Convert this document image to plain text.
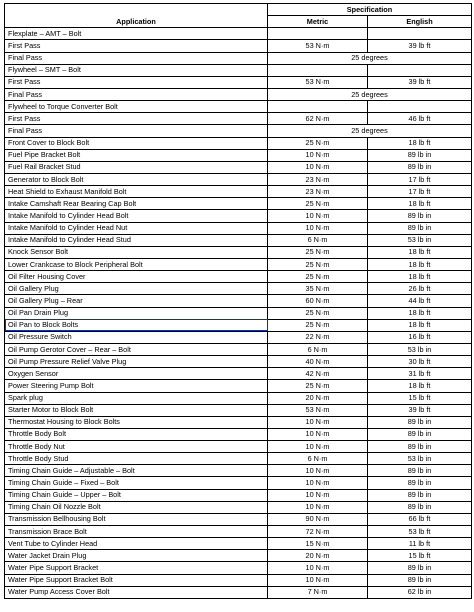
Application	Specification	
	Metric	English
Flexplate – AMT – Bolt		
First Pass	53 N·m	39 lb ft
Final Pass	25 degrees	
Flywheel – SMT – Bolt		
First Pass	53 N·m	39 lb ft
Final Pass	25 degrees	
Flywheel to Torque Converter Bolt		
First Pass	62 N·m	46 lb ft
Final Pass	25 degrees	
Front Cover to Block Bolt	25 N·m	18 lb ft
Fuel Pipe Bracket Bolt	10 N·m	89 lb in
Fuel Rail Bracket Stud	10 N·m	89 lb in
Generator to Block Bolt	23 N·m	17 lb ft
Heat Shield to Exhaust Manifold Bolt	23 N·m	17 lb ft
Intake Camshaft Rear Bearing Cap Bolt	25 N·m	18 lb ft
Intake Manifold to Cylinder Head Bolt	10 N·m	89 lb in
Intake Manifold to Cylinder Head Nut	10 N·m	89 lb in
Intake Manifold to Cylinder Head Stud	6 N·m	53 lb in
Knock Sensor Bolt	25 N·m	18 lb ft
Lower Crankcase to Block Peripheral Bolt	25 N·m	18 lb ft
Oil Filter Housing Cover	25 N·m	18 lb ft
Oil Gallery Plug	35 N·m	26 lb ft
Oil Gallery Plug – Rear	60 N·m	44 lb ft
Oil Pan Drain Plug	25 N·m	18 lb ft
Oil Pan to Block Bolts	25 N·m	18 lb ft
Oil Pressure Switch	22 N·m	16 lb ft
Oil Pump Gerotor Cover – Rear – Bolt	6 N·m	53 lb in
Oil Pump Pressure Relief Valve Plug	40 N·m	30 lb ft
Oxygen Sensor	42 N·m	31 lb ft
Power Steering Pump Bolt	25 N·m	18 lb ft
Spark plug	20 N·m	15 lb ft
Starter Motor to Block Bolt	53 N·m	39 lb ft
Thermostat Housing to Block Bolts	10 N·m	89 lb in
Throttle Body Bolt	10 N·m	89 lb in
Throttle Body Nut	10 N·m	89 lb in
Throttle Body Stud	6 N·m	53 lb in
Timing Chain Guide – Adjustable – Bolt	10 N·m	89 lb in
Timing Chain Guide – Fixed – Bolt	10 N·m	89 lb in
Timing Chain Guide – Upper – Bolt	10 N·m	89 lb in
Timing Chain Oil Nozzle Bolt	10 N·m	89 lb in
Transmission Bellhousing Bolt	90 N·m	66 lb ft
Transmission Brace Bolt	72 N·m	53 lb ft
Vent Tube to Cylinder Head	15 N·m	11 lb ft
Water Jacket Drain Plug	20 N·m	15 lb ft
Water Pipe Support Bracket	10 N·m	89 lb in
Water Pipe Support Bracket Bolt	10 N·m	89 lb in
Water Pump Access Cover Bolt	7 N·m	62 lb in
